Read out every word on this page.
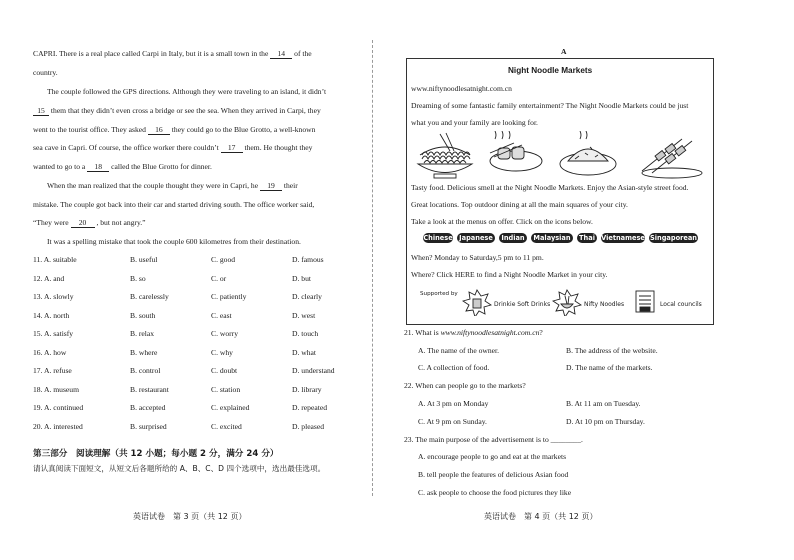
CAPRI. There is a real place called Carpi in Italy, but it is a small town in the 14 of the
country.
The couple followed the GPS directions. Although they were traveling to an island, it didn’t
15 them that they didn’t even cross a bridge or see the sea. When they arrived in Carpi, they
went to the tourist office. They asked 16 they could go to the Blue Grotto, a well-known
sea cave in Capri. Of course, the office worker there couldn’t 17 them. He thought they
wanted to go to a 18 called the Blue Grotto for dinner.
When the man realized that the couple thought they were in Capri, he 19 their
mistake. The couple got back into their car and started driving south. The office worker said,
“They were 20 , but not angry.”
It was a spelling mistake that took the couple 600 kilometres from their destination.
11. A. suitable	B. useful	C. good	D. famous
12. A. and	B. so	C. or	D. but
13. A. slowly	B. carelessly	C. patiently	D. clearly
14. A. north	B. south	C. east	D. west
15. A. satisfy	B. relax	C. worry	D. touch
16. A. how	B. where	C. why	D. what
17. A. refuse	B. control	C. doubt	D. understand
18. A. museum	B. restaurant	C. station	D. library
19. A. continued	B. accepted	C. explained	D. repeated
20. A. interested	B. surprised	C. excited	D. pleased
第三部分　阅读理解（共 12 小题；每小题 2 分，满分 24 分）
请认真阅读下面短文，从短文后各题所给的 A、B、C、D 四个选项中，选出最佳选项。
英语试卷　第 3 页（共 12 页）
A
Night Noodle Markets
www.niftynoodlesatnight.com.cn
Dreaming of some fantastic family entertainment? The Night Noodle Markets could be just
what you and your family are looking for.
Tasty food. Delicious smell at the Night Noodle Markets. Enjoy the Asian-style street food.
Great locations. Top outdoor dining at all the main squares of your city.
Take a look at the menus on offer. Click on the icons below.
Chinese Japanese	Indian	Malaysian	Thai Vietnamese Singaporean
When? Monday to Saturday,5 pm to 11 pm.
Where? Click HERE to find a Night Noodle Market in your city.
Supported by
Drinkie Soft Drinks	Nifty Noodles	Local councils
21. What is www.niftynoodlesatnight.com.cn?
A. The name of the owner.	B. The address of the website.
C. A collection of food.	D. The name of the markets.
22. When can people go to the markets?
A. At 3 pm on Monday	B. At 11 am on Tuesday.
C. At 9 pm on Sunday.	D. At 10 pm on Thursday.
23. The main purpose of the advertisement is to ________.
A. encourage people to go and eat at the markets
B. tell people the features of delicious Asian food
C. ask people to choose the food pictures they like
英语试卷　第 4 页（共 12 页）
